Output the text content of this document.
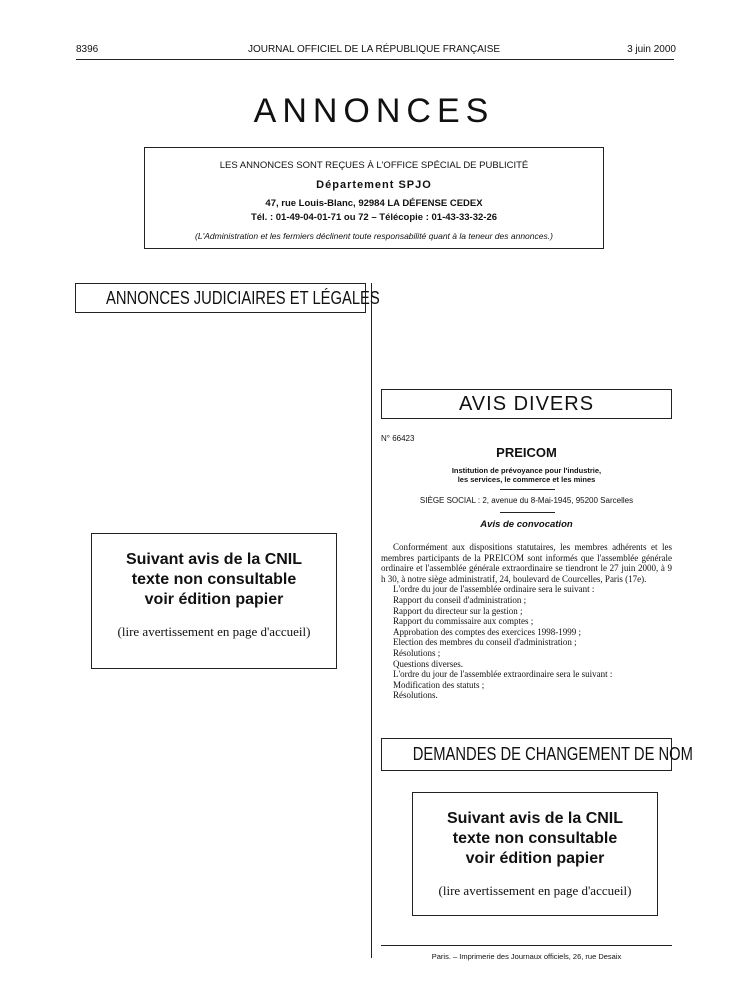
8396	JOURNAL OFFICIEL DE LA RÉPUBLIQUE FRANÇAISE	3 juin 2000
ANNONCES
LES ANNONCES SONT REÇUES À L'OFFICE SPÉCIAL DE PUBLICITÉ
Département SPJO
47, rue Louis-Blanc, 92984 LA DÉFENSE CEDEX
Tél. : 01-49-04-01-71 ou 72 – Télécopie : 01-43-33-32-26
(L'Administration et les fermiers déclinent toute responsabilité quant à la teneur des annonces.)
ANNONCES JUDICIAIRES ET LÉGALES
Suivant avis de la CNIL
texte non consultable
voir édition papier
(lire avertissement en page d'accueil)
AVIS DIVERS
N° 66423
PREICOM
Institution de prévoyance pour l'industrie,
les services, le commerce et les mines
SIÈGE SOCIAL : 2, avenue du 8-Mai-1945, 95200 Sarcelles
Avis de convocation

Conformément aux dispositions statutaires, les membres adhérents et les membres participants de la PREICOM sont informés que l'assemblée générale ordinaire et l'assemblée générale extraordinaire se tiendront le 27 juin 2000, à 9 h 30, à notre siège administratif, 24, boulevard de Courcelles, Paris (17e).

L'ordre du jour de l'assemblée ordinaire sera le suivant :

Rapport du conseil d'administration ;

Rapport du directeur sur la gestion ;

Rapport du commissaire aux comptes ;

Approbation des comptes des exercices 1998-1999 ;

Election des membres du conseil d'administration ;

Résolutions ;

Questions diverses.

L'ordre du jour de l'assemblée extraordinaire sera le suivant :

Modification des statuts ;

Résolutions.

DEMANDES DE CHANGEMENT DE NOM
Suivant avis de la CNIL
texte non consultable
voir édition papier
(lire avertissement en page d'accueil)
Paris. – Imprimerie des Journaux officiels, 26, rue Desaix
